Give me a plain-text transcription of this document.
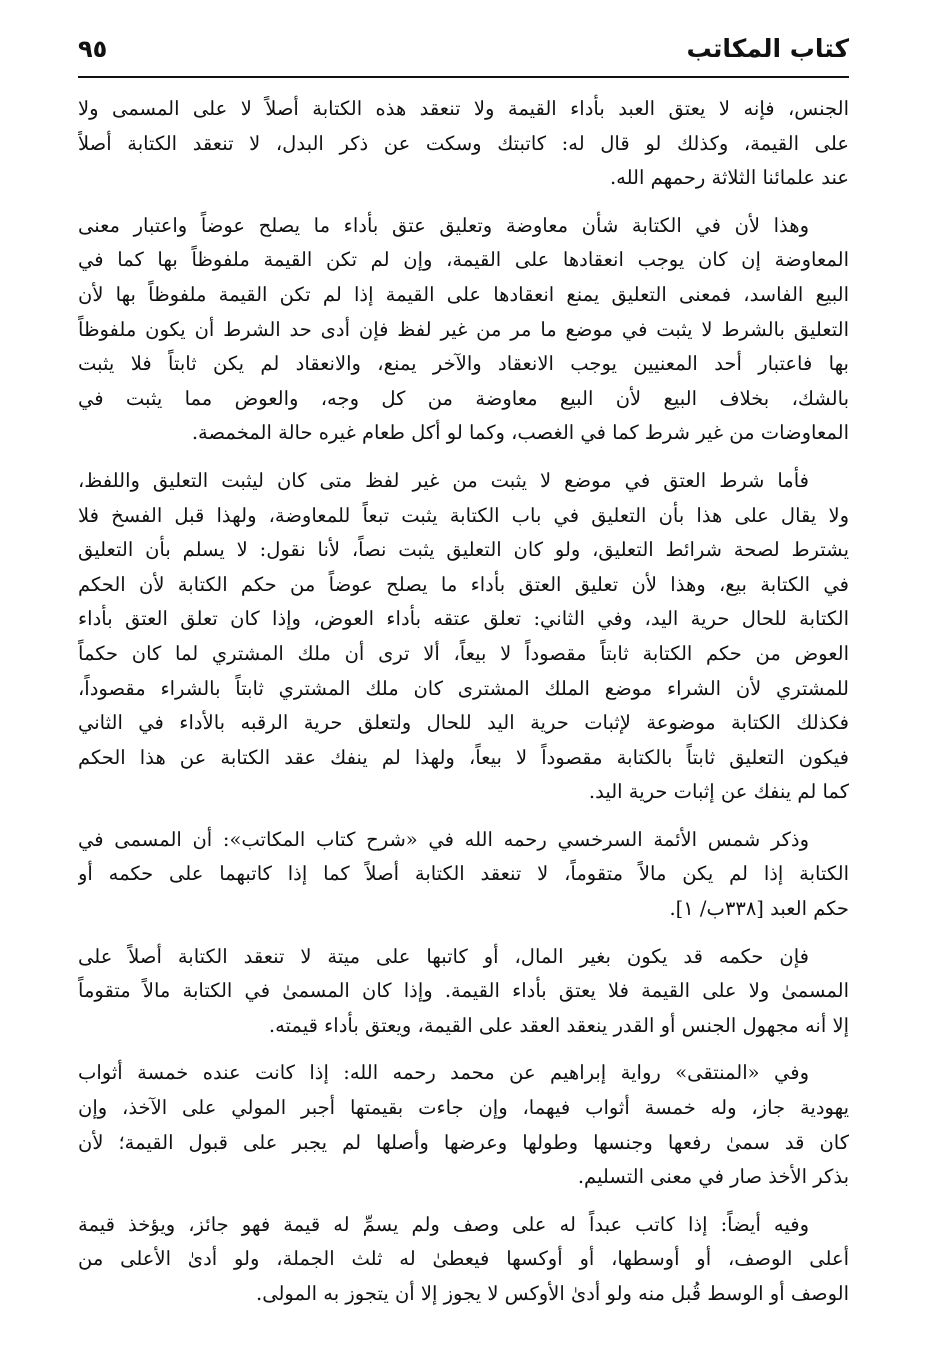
كتاب المكاتب
٩٥
الجنس، فإنه لا يعتق العبد بأداء القيمة ولا تنعقد هذه الكتابة أصلاً لا على المسمى ولا
على القيمة، وكذلك لو قال له: كاتبتك وسكت عن ذكر البدل، لا تنعقد الكتابة أصلاً
عند علمائنا الثلاثة رحمهم الله.
وهذا لأن في الكتابة شأن معاوضة وتعليق عتق بأداء ما يصلح عوضاً واعتبار معنى
المعاوضة إن كان يوجب انعقادها على القيمة، وإن لم تكن القيمة ملفوظاً بها كما في
البيع الفاسد، فمعنى التعليق يمنع انعقادها على القيمة إذا لم تكن القيمة ملفوظاً بها لأن
التعليق بالشرط لا يثبت في موضع ما مر من غير لفظ فإن أدى حد الشرط أن يكون ملفوظاً
بها فاعتبار أحد المعنيين يوجب الانعقاد والآخر يمنع، والانعقاد لم يكن ثابتاً فلا يثبت
بالشك، بخلاف البيع لأن البيع معاوضة من كل وجه، والعوض مما يثبت في
المعاوضات من غير شرط كما في الغصب، وكما لو أكل طعام غيره حالة المخمصة.
فأما شرط العتق في موضع لا يثبت من غير لفظ متى كان ليثبت التعليق واللفظ،
ولا يقال على هذا بأن التعليق في باب الكتابة يثبت تبعاً للمعاوضة، ولهذا قبل الفسخ فلا
يشترط لصحة شرائط التعليق، ولو كان التعليق يثبت نصاً، لأنا نقول: لا يسلم بأن التعليق
في الكتابة بيع، وهذا لأن تعليق العتق بأداء ما يصلح عوضاً من حكم الكتابة لأن الحكم
الكتابة للحال حرية اليد، وفي الثاني: تعلق عتقه بأداء العوض، وإذا كان تعلق العتق بأداء
العوض من حكم الكتابة ثابتاً مقصوداً لا بيعاً، ألا ترى أن ملك المشتري لما كان حكماً
للمشتري لأن الشراء موضع الملك المشترى كان ملك المشتري ثابتاً بالشراء مقصوداً،
فكذلك الكتابة موضوعة لإثبات حرية اليد للحال ولتعلق حرية الرقبه بالأداء في الثاني
فيكون التعليق ثابتاً بالكتابة مقصوداً لا بيعاً، ولهذا لم ينفك عقد الكتابة عن هذا الحكم
كما لم ينفك عن إثبات حرية اليد.
وذكر شمس الأئمة السرخسي رحمه الله في «شرح كتاب المكاتب»: أن المسمى في
الكتابة إذا لم يكن مالاً متقوماً، لا تنعقد الكتابة أصلاً كما إذا كاتبهما على حكمه أو
حكم العبد [٣٣٨ب/ ١].
فإن حكمه قد يكون بغير المال، أو كاتبها على ميتة لا تنعقد الكتابة أصلاً على
المسمىٰ ولا على القيمة فلا يعتق بأداء القيمة. وإذا كان المسمىٰ في الكتابة مالاً متقوماً
إلا أنه مجهول الجنس أو القدر ينعقد العقد على القيمة، ويعتق بأداء قيمته.
وفي «المنتقى» رواية إبراهيم عن محمد رحمه الله: إذا كانت عنده خمسة أثواب
يهودية جاز، وله خمسة أثواب فيهما، وإن جاءت بقيمتها أجبر المولي على الآخذ، وإن
كان قد سمىٰ رفعها وجنسها وطولها وعرضها وأصلها لم يجبر على قبول القيمة؛ لأن
بذكر الأخذ صار في معنى التسليم.
وفيه أيضاً: إذا كاتب عبداً له على وصف ولم يسمِّ له قيمة فهو جائز، ويؤخذ قيمة
أعلى الوصف، أو أوسطها، أو أوكسها فيعطىٰ له ثلث الجملة، ولو أدىٰ الأعلى من
الوصف أو الوسط قُبل منه ولو أدىٰ الأوكس لا يجوز إلا أن يتجوز به المولى.
